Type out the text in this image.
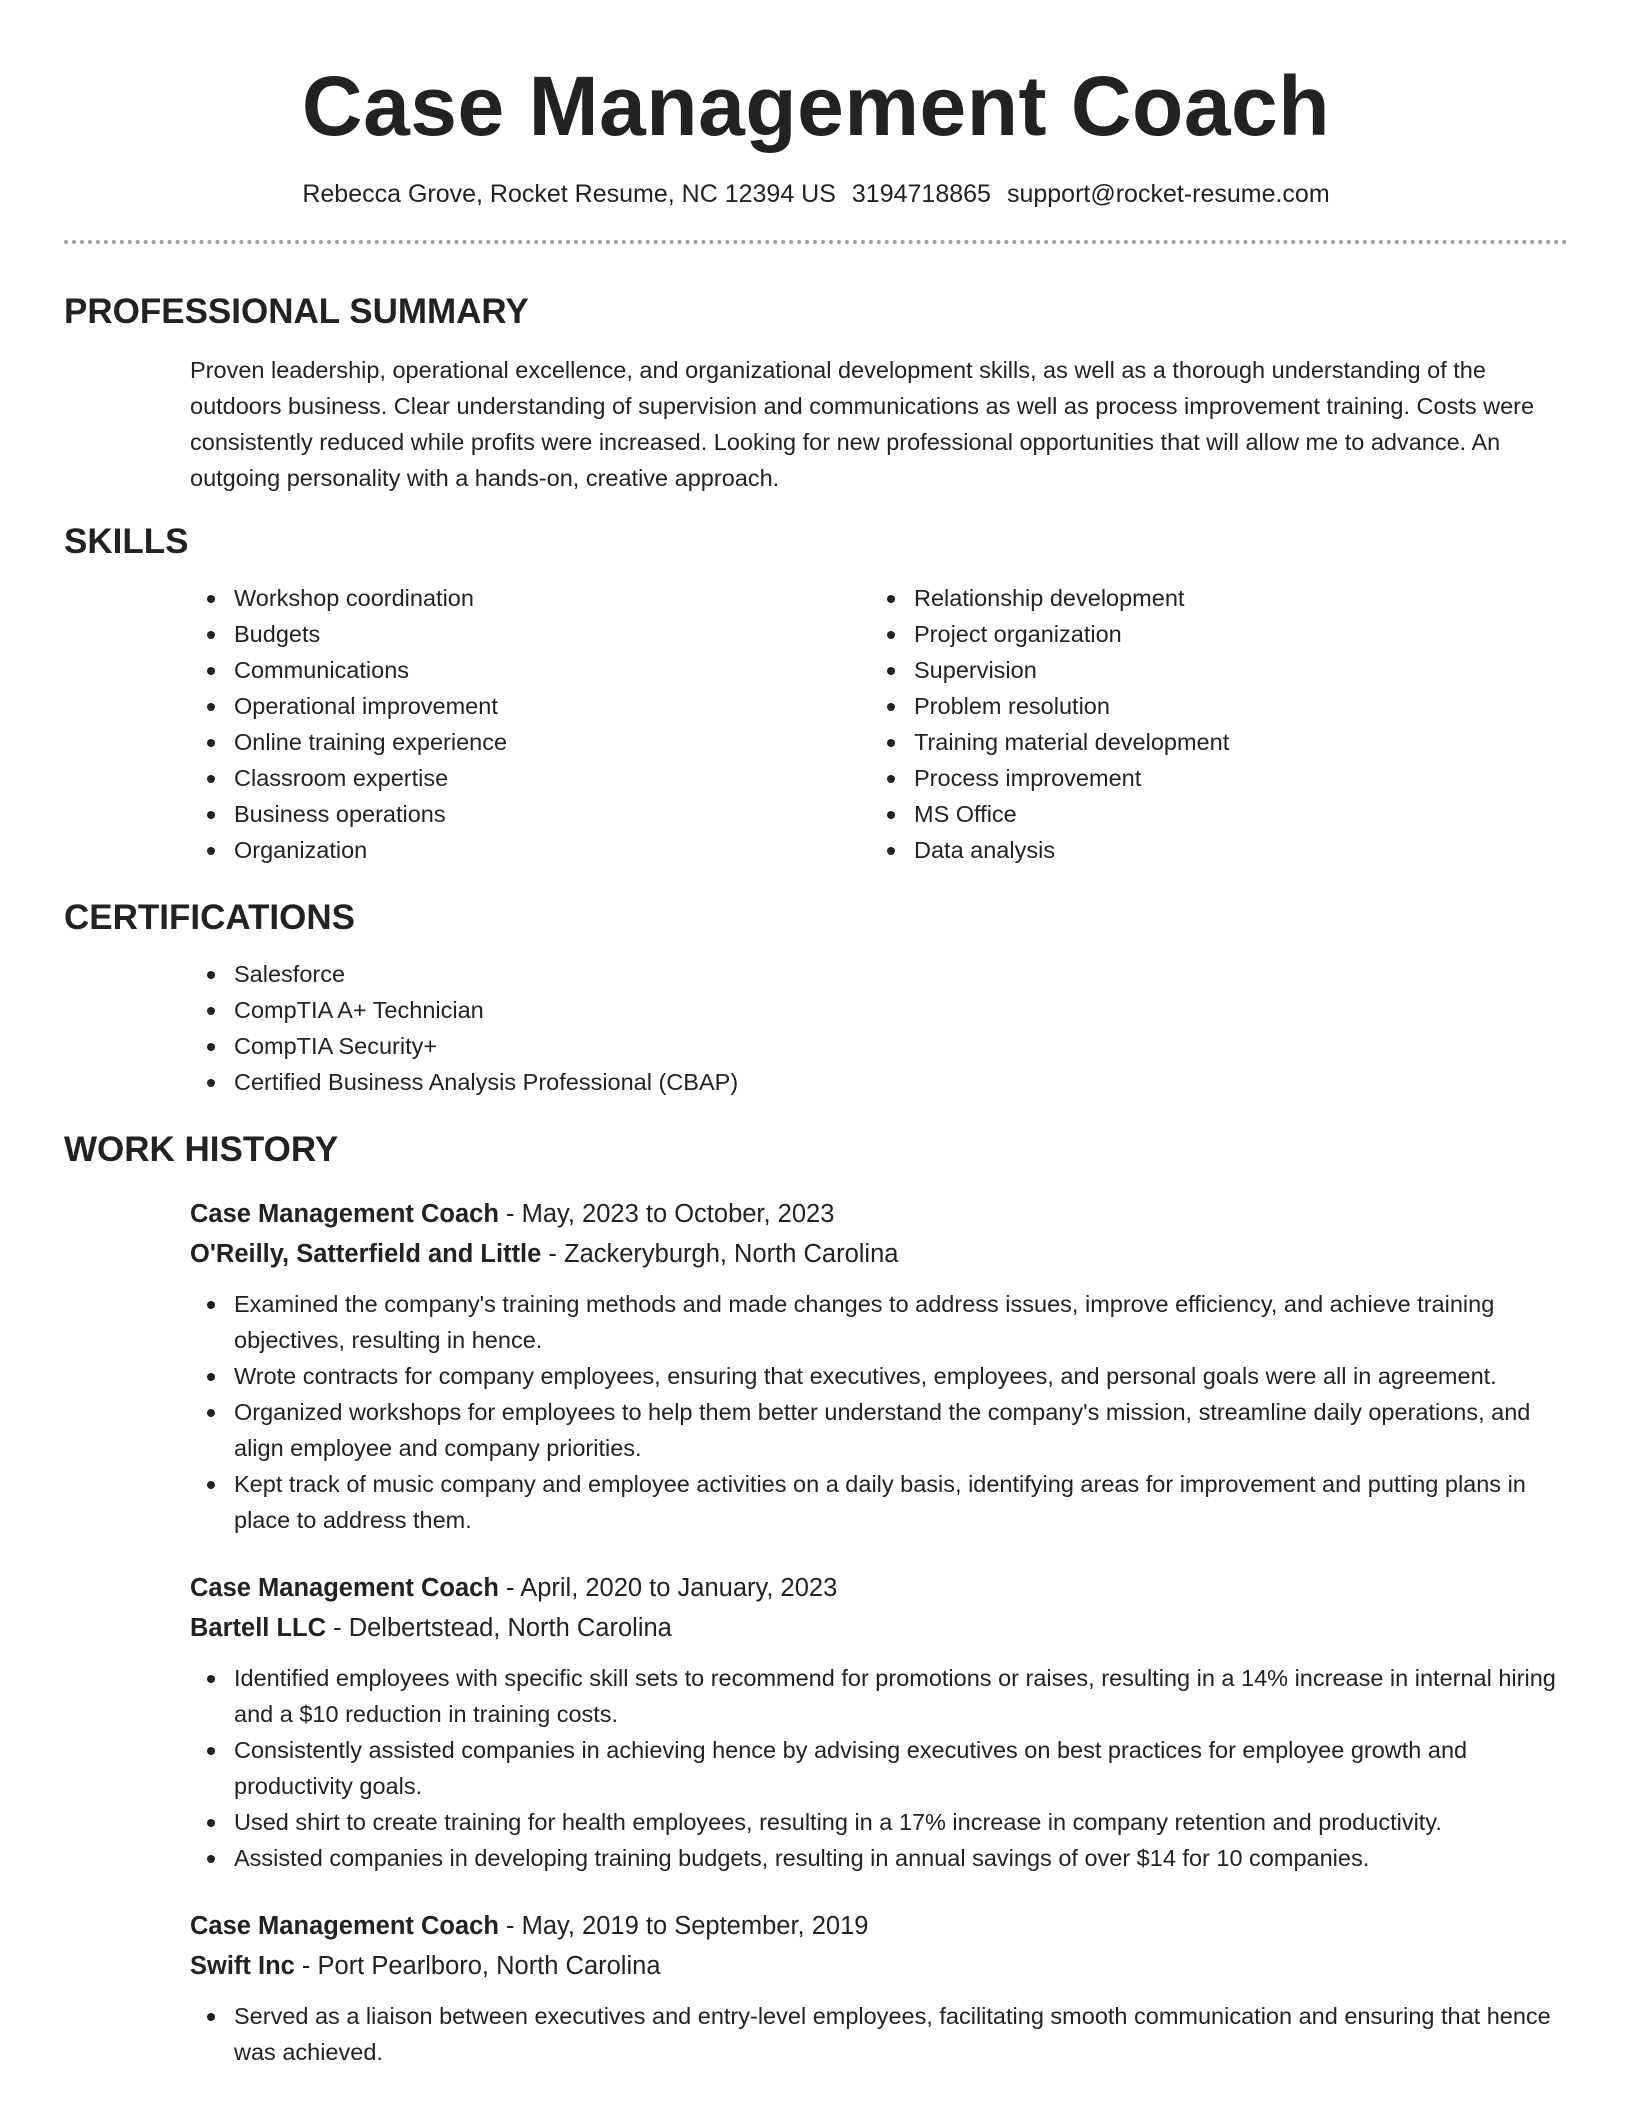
Case Management Coach
Rebecca Grove, Rocket Resume, NC 12394 US 3194718865 support@rocket-resume.com
PROFESSIONAL SUMMARY

Proven leadership, operational excellence, and organizational development skills, as well as a thorough understanding of the outdoors business. Clear understanding of supervision and communications as well as process improvement training. Costs were consistently reduced while profits were increased. Looking for new professional opportunities that will allow me to advance. An outgoing personality with a hands-on, creative approach.

SKILLS
Workshop coordination
Budgets
Communications
Operational improvement
Online training experience
Classroom expertise
Business operations
Organization
Relationship development
Project organization
Supervision
Problem resolution
Training material development
Process improvement
MS Office
Data analysis
CERTIFICATIONS
Salesforce
CompTIA A+ Technician
CompTIA Security+
Certified Business Analysis Professional (CBAP)
WORK HISTORY
Case Management Coach - May, 2023 to October, 2023
O'Reilly, Satterfield and Little - Zackeryburgh, North Carolina
Examined the company's training methods and made changes to address issues, improve efficiency, and achieve training objectives, resulting in hence.
Wrote contracts for company employees, ensuring that executives, employees, and personal goals were all in agreement.
Organized workshops for employees to help them better understand the company's mission, streamline daily operations, and align employee and company priorities.
Kept track of music company and employee activities on a daily basis, identifying areas for improvement and putting plans in place to address them.
Case Management Coach - April, 2020 to January, 2023
Bartell LLC - Delbertstead, North Carolina
Identified employees with specific skill sets to recommend for promotions or raises, resulting in a 14% increase in internal hiring and a $10 reduction in training costs.
Consistently assisted companies in achieving hence by advising executives on best practices for employee growth and productivity goals.
Used shirt to create training for health employees, resulting in a 17% increase in company retention and productivity.
Assisted companies in developing training budgets, resulting in annual savings of over $14 for 10 companies.
Case Management Coach - May, 2019 to September, 2019
Swift Inc - Port Pearlboro, North Carolina
Served as a liaison between executives and entry-level employees, facilitating smooth communication and ensuring that hence was achieved.
